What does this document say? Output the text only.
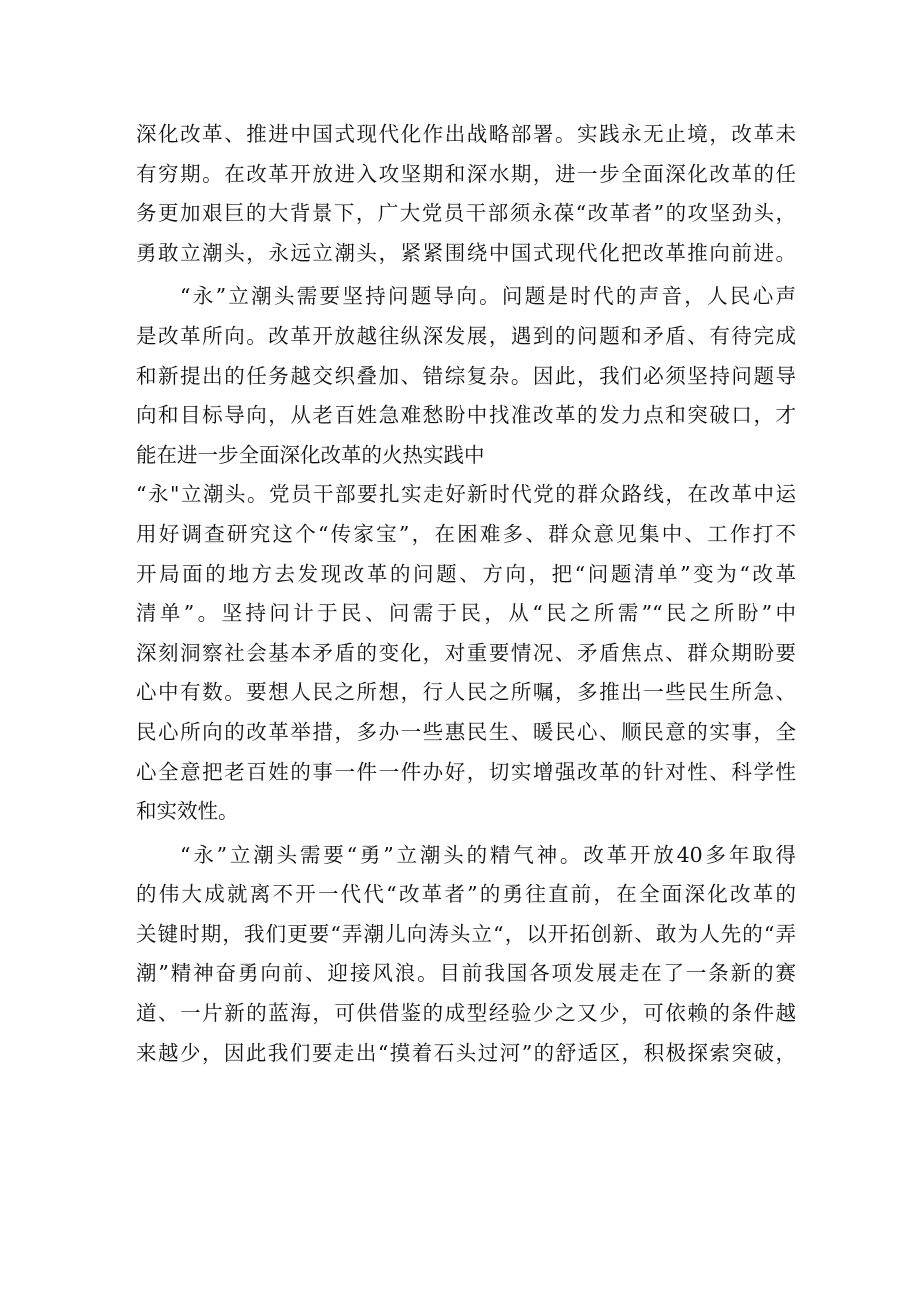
深化改革、推进中国式现代化作出战略部署。实践永无止境，改革未
有穷期。在改革开放进入攻坚期和深水期，进一步全面深化改革的任
务更加艰巨的大背景下，广大党员干部须永葆“改革者”的攻坚劲头，
勇敢立潮头，永远立潮头，紧紧围绕中国式现代化把改革推向前进。
“永”立潮头需要坚持问题导向。问题是时代的声音，人民心声
是改革所向。改革开放越往纵深发展，遇到的问题和矛盾、有待完成
和新提出的任务越交织叠加、错综复杂。因此，我们必须坚持问题导
向和目标导向，从老百姓急难愁盼中找准改革的发力点和突破口，才
能在进一步全面深化改革的火热实践中
“永"立潮头。党员干部要扎实走好新时代党的群众路线，在改革中运
用好调查研究这个“传家宝”，在困难多、群众意见集中、工作打不
开局面的地方去发现改革的问题、方向，把“问题清单”变为“改革
清单”。坚持问计于民、问需于民，从“民之所需”“民之所盼”中
深刻洞察社会基本矛盾的变化，对重要情况、矛盾焦点、群众期盼要
心中有数。要想人民之所想，行人民之所嘱，多推出一些民生所急、
民心所向的改革举措，多办一些惠民生、暖民心、顺民意的实事，全
心全意把老百姓的事一件一件办好，切实增强改革的针对性、科学性
和实效性。
“永”立潮头需要“勇”立潮头的精气神。改革开放40多年取得
的伟大成就离不开一代代“改革者”的勇往直前，在全面深化改革的
关键时期，我们更要“弄潮儿向涛头立“，以开拓创新、敢为人先的“弄
潮”精神奋勇向前、迎接风浪。目前我国各项发展走在了一条新的赛
道、一片新的蓝海，可供借鉴的成型经验少之又少，可依赖的条件越
来越少，因此我们要走出“摸着石头过河”的舒适区，积极探索突破，
